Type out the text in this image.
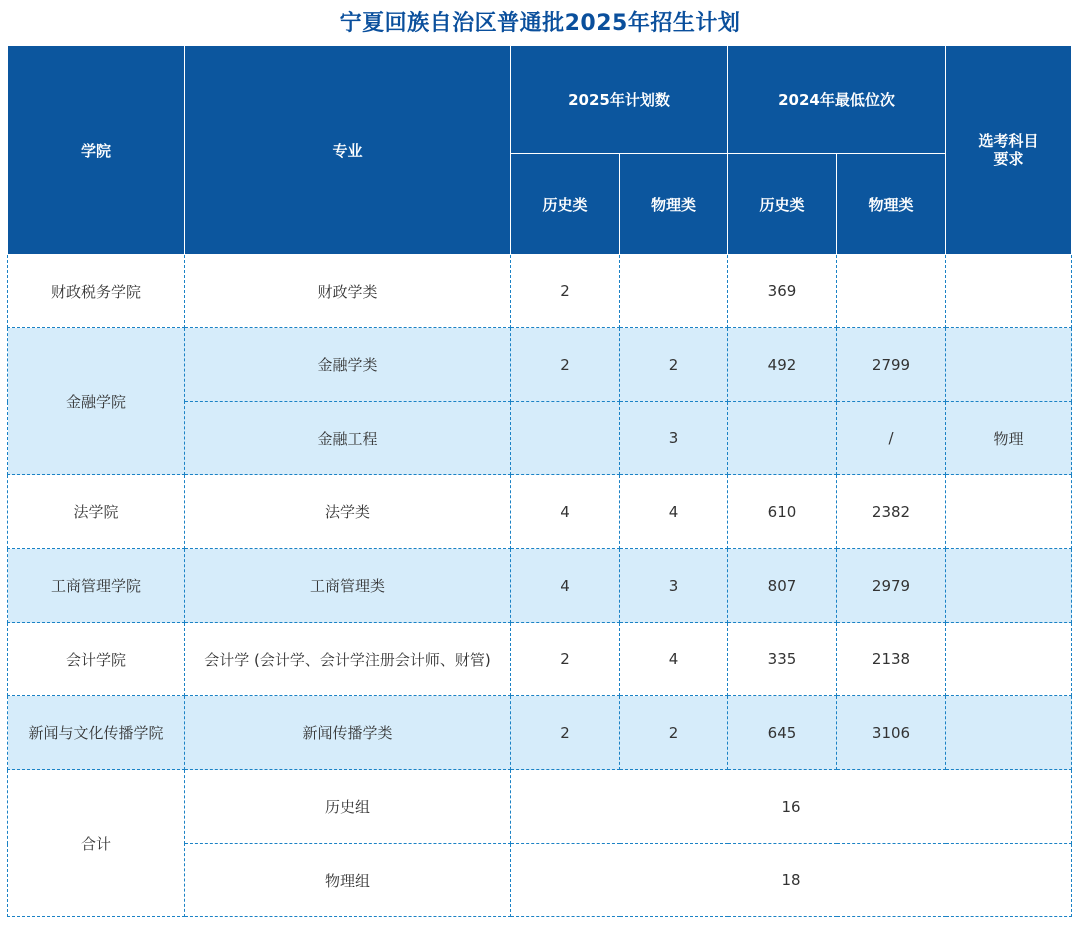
宁夏回族自治区普通批2025年招生计划
学院	专业	2025年计划数		2024年最低位次		选考科目
要求
		历史类	物理类	历史类	物理类	
财政税务学院	财政学类	2		369		
金融学院	金融学类	2	2	492	2799	
	金融工程		3		/	物理
法学院	法学类	4	4	610	2382	
工商管理学院	工商管理类	4	3	807	2979	
会计学院	会计学 (会计学、会计学注册会计师、财管)	2	4	335	2138	
新闻与文化传播学院	新闻传播学类	2	2	645	3106	
合计	历史组	16				
	物理组	18				
